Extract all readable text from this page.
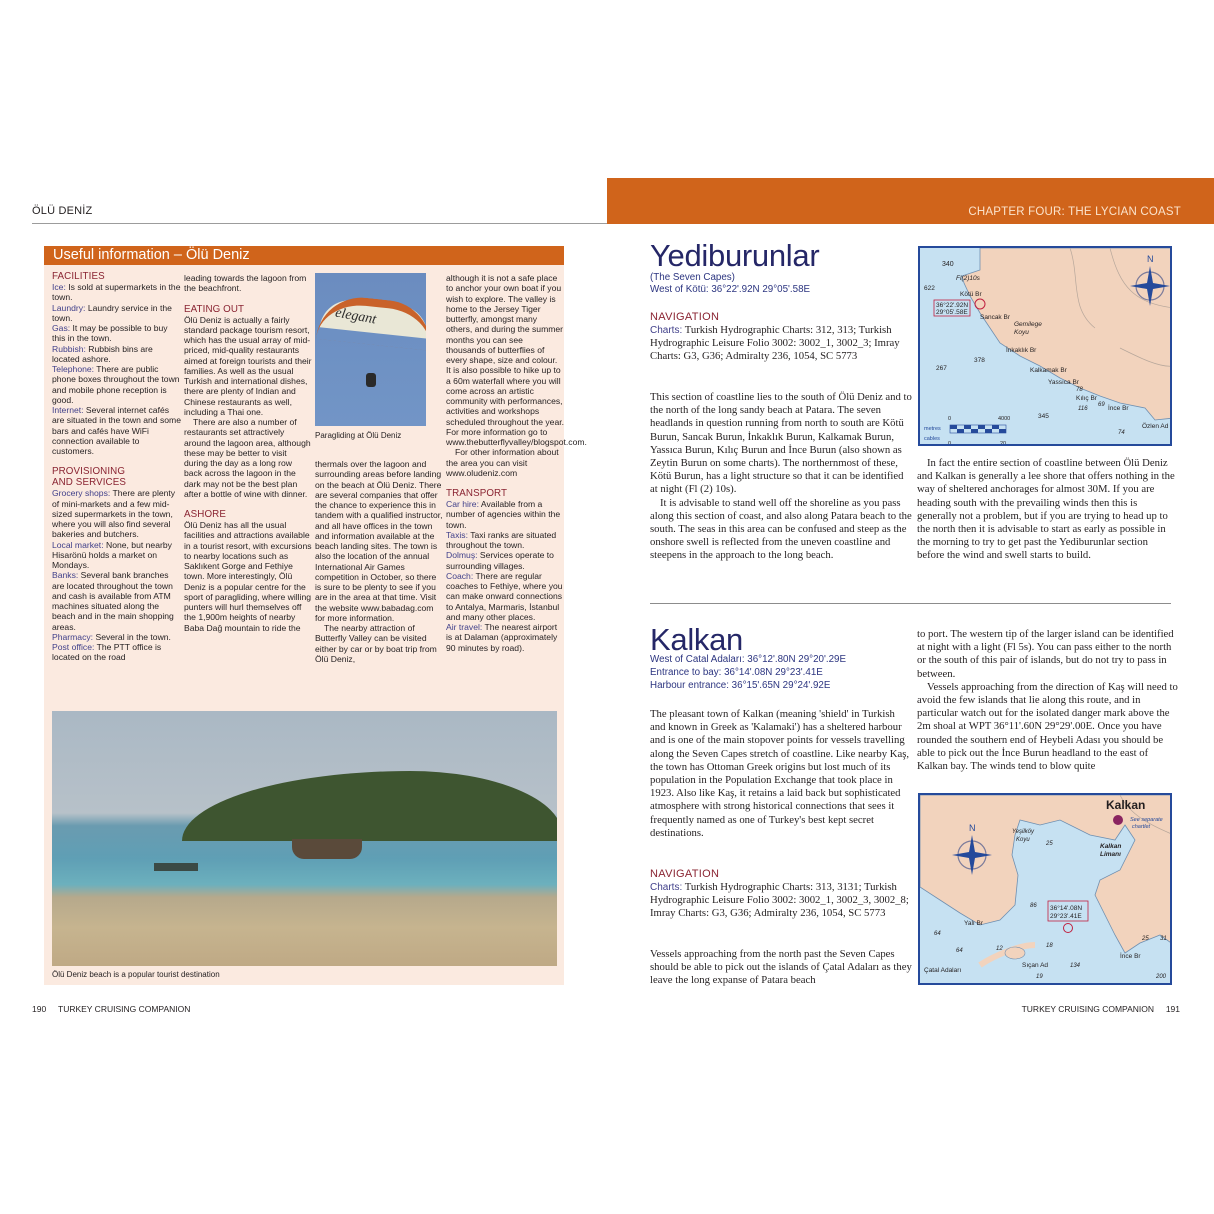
ÖLÜ DENİZ
Useful information – Ölü Deniz

FACILITIES

Ice: Is sold at supermarkets in the town.

Laundry: Laundry service in the town.

Gas: It may be possible to buy this in the town.

Rubbish: Rubbish bins are located ashore.

Telephone: There are public phone boxes throughout the town and mobile phone reception is good.

Internet: Several internet cafés are situated in the town and some bars and cafés have WiFi connection available to customers.

PROVISIONING
AND SERVICES

Grocery shops: There are plenty of mini-markets and a few mid-sized supermarkets in the town, where you will also find several bakeries and butchers.

Local market: None, but nearby Hisarönü holds a market on Mondays.

Banks: Several bank branches are located throughout the town and cash is available from ATM machines situated along the beach and in the main shopping areas.

Pharmacy: Several in the town.

Post office: The PTT office is located on the road

leading towards the lagoon from the beachfront.

EATING OUT

Ölü Deniz is actually a fairly standard package tourism resort, which has the usual array of mid-priced, mid-quality restaurants aimed at foreign tourists and their families. As well as the usual Turkish and international dishes, there are plenty of Indian and Chinese restaurants as well, including a Thai one.

There are also a number of restaurants set attractively around the lagoon area, although these may be better to visit during the day as a long row back across the lagoon in the dark may not be the best plan after a bottle of wine with dinner.

ASHORE

Ölü Deniz has all the usual facilities and attractions available in a tourist resort, with excursions to nearby locations such as Saklıkent Gorge and Fethiye town. More interestingly, Ölü Deniz is a popular centre for the sport of paragliding, where willing punters will hurl themselves off the 1,900m heights of nearby Baba Dağ mountain to ride the

elegant
Paragliding at Ölü Deniz

thermals over the lagoon and surrounding areas before landing on the beach at Ölü Deniz. There are several companies that offer the chance to experience this in tandem with a qualified instructor, and all have offices in the town and information available at the beach landing sites. The town is also the location of the annual International Air Games competition in October, so there is sure to be plenty to see if you are in the area at that time. Visit the website www.babadag.com for more information.

The nearby attraction of Butterfly Valley can be visited either by car or by boat trip from Ölü Deniz,

although it is not a safe place to anchor your own boat if you wish to explore. The valley is home to the Jersey Tiger butterfly, amongst many others, and during the summer months you can see thousands of butterflies of every shape, size and colour. It is also possible to hike up to a 60m waterfall where you will come across an artistic community with performances, activities and workshops scheduled throughout the year. For more information go to www.thebutterflyvalley/blogspot.com.

For other information about the area you can visit www.oludeniz.com

TRANSPORT

Car hire: Available from a number of agencies within the town.

Taxis: Taxi ranks are situated throughout the town.

Dolmuş: Services operate to surrounding villages.

Coach: There are regular coaches to Fethiye, where you can make onward connections to Antalya, Marmaris, İstanbul and many other places.

Air travel: The nearest airport is at Dalaman (approximately 90 minutes by road).

Ölü Deniz beach is a popular tourist destination
190 TURKEY CRUISING COMPANION
CHAPTER FOUR: THE LYCIAN COAST
Yediburunlar
(The Seven Capes)
West of Kötü: 36°22'.92N 29°05'.58E
NAVIGATION
Charts: Turkish Hydrographic Charts: 312, 313; Turkish Hydrographic Leisure Folio 3002: 3002_1, 3002_3; Imray Charts: G3, G36; Admiralty 236, 1054, SC 5773

This section of coastline lies to the south of Ölü Deniz and to the north of the long sandy beach at Patara. The seven headlands in question running from north to south are Kötü Burun, Sancak Burun, İnkaklık Burun, Kalkamak Burun, Yassıca Burun, Kılıç Burun and İnce Burun (also shown as Zeytin Burun on some charts). The northernmost of these, Kötü Burun, has a light structure so that it can be identified at night (Fl (2) 10s).

It is advisable to stand well off the shoreline as you pass along this section of coast, and also along Patara beach to the south. The seas in this area can be confused and steep as the onshore swell is reflected from the uneven coastline and steepens in the approach to the long beach.

340
622
Fl(2)10s
Kötü Br
36°22'.92N
29°05'.58E
Sancak Br
Gemilege
Koyu
İnkaklık Br
378
267	Kalkamak Br
Yassıca Br
78
Kılıç Br
116
69 İnce Br
345
Özlen Ad
74
N
metres
cables
0	4000
0	20

In fact the entire section of coastline between Ölü Deniz and Kalkan is generally a lee shore that offers nothing in the way of sheltered anchorages for almost 30M. If you are heading south with the prevailing winds then this is generally not a problem, but if you are trying to head up to the north then it is advisable to start as early as possible in the morning to try to get past the Yediburunlar section before the wind and swell starts to build.

Kalkan
West of Catal Adaları: 36°12'.80N 29°20'.29E
Entrance to bay: 36°14'.08N 29°23'.41E
Harbour entrance: 36°15'.65N 29°24'.92E
The pleasant town of Kalkan (meaning 'shield' in Turkish and known in Greek as 'Kalamaki') has a sheltered harbour and is one of the main stopover points for vessels travelling along the Seven Capes stretch of coastline. Like nearby Kaş, the town has Ottoman Greek origins but lost much of its population in the Population Exchange that took place in 1923. Also like Kaş, it retains a laid back but sophisticated atmosphere with strong historical connections that sees it frequently named as one of Turkey's best kept secret destinations.
NAVIGATION
Charts: Turkish Hydrographic Charts: 313, 3131; Turkish Hydrographic Leisure Folio 3002: 3002_1, 3002_3, 3002_8; Imray Charts: G3, G36; Admiralty 236, 1054, SC 5773
Vessels approaching from the north past the Seven Capes should be able to pick out the islands of Çatal Adaları as they leave the long expanse of Patara beach

to port. The western tip of the larger island can be identified at night with a light (Fl 5s). You can pass either to the north or the south of this pair of islands, but do not try to pass in between.

Vessels approaching from the direction of Kaş will need to avoid the few islands that lie along this route, and in particular watch out for the isolated danger mark above the 2m shoal at WPT 36°11'.60N 29°29'.00E. Once you have rounded the southern end of Heybeli Adası you should be able to pick out the İnce Burun headland to the east of Kalkan bay. The winds tend to blow quite

Kalkan
See separate
chartlet
Yeşilköy
Koyu
25	Kalkan
Limanı
36°14'.08N
29°23'.41E
86
Yalı Br
64
64	12	18
İnce Br
25 31
Çatal Adaları
Sıçan Ad	134
19	200
N
TURKEY CRUISING COMPANION 191
